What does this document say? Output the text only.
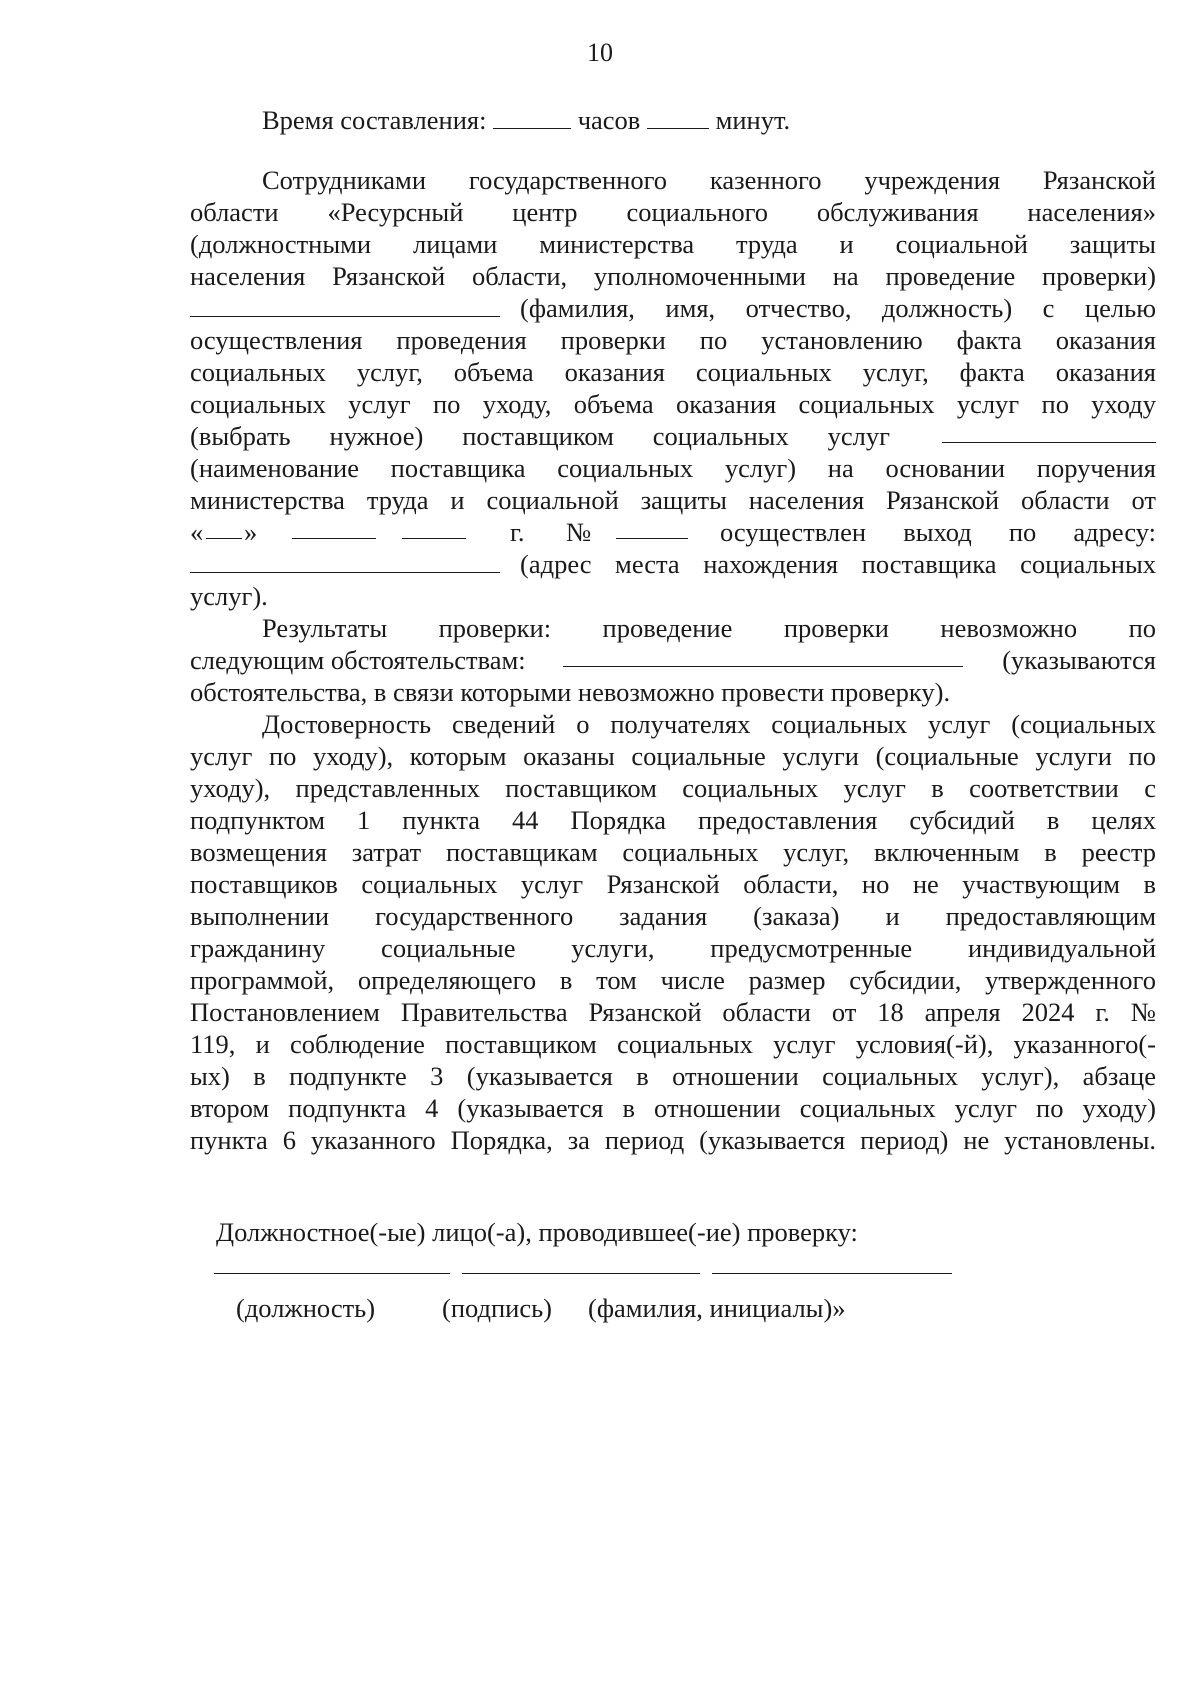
10
Время составления:	часов	минут.
Сотрудниками государственного казенного учреждения Рязанской
области «Ресурсный центр социального обслуживания населения»
(должностными лицами министерства труда и социальной защиты
населения Рязанской области, уполномоченными на проведение проверки)
(фамилия, имя, отчество, должность) с целью
осуществления проведения проверки по установлению факта оказания
социальных услуг, объема оказания социальных услуг, факта оказания
социальных услуг по уходу, объема оказания социальных услуг по уходу
(выбрать нужное) поставщиком социальных услуг
(наименование поставщика социальных услуг) на основании поручения
министерства труда и социальной защиты населения Рязанской области от
« »	г. №	осуществлен выход по адресу:
(адрес места нахождения поставщика социальных
услуг).
Результаты проверки: проведение проверки невозможно по
следующим обстоятельствам:	(указываются
обстоятельства, в связи которыми невозможно провести проверку).
Достоверность сведений о получателях социальных услуг (социальных
услуг по уходу), которым оказаны социальные услуги (социальные услуги по
уходу), представленных поставщиком социальных услуг в соответствии с
подпунктом 1 пункта 44 Порядка предоставления субсидий в целях
возмещения затрат поставщикам социальных услуг, включенным в реестр
поставщиков социальных услуг Рязанской области, но не участвующим в
выполнении государственного задания (заказа) и предоставляющим
гражданину социальные услуги, предусмотренные индивидуальной
программой, определяющего в том числе размер субсидии, утвержденного
Постановлением Правительства Рязанской области от 18 апреля 2024 г. №
119, и соблюдение поставщиком социальных услуг условия(-й), указанного(-
ых) в подпункте 3 (указывается в отношении социальных услуг), абзаце
втором подпункта 4 (указывается в отношении социальных услуг по уходу)
пункта 6 указанного Порядка, за период (указывается период) не установлены.
Должностное(-ые) лицо(-а), проводившее(-ие) проверку:
(должность)	(подпись) (фамилия, инициалы)»
